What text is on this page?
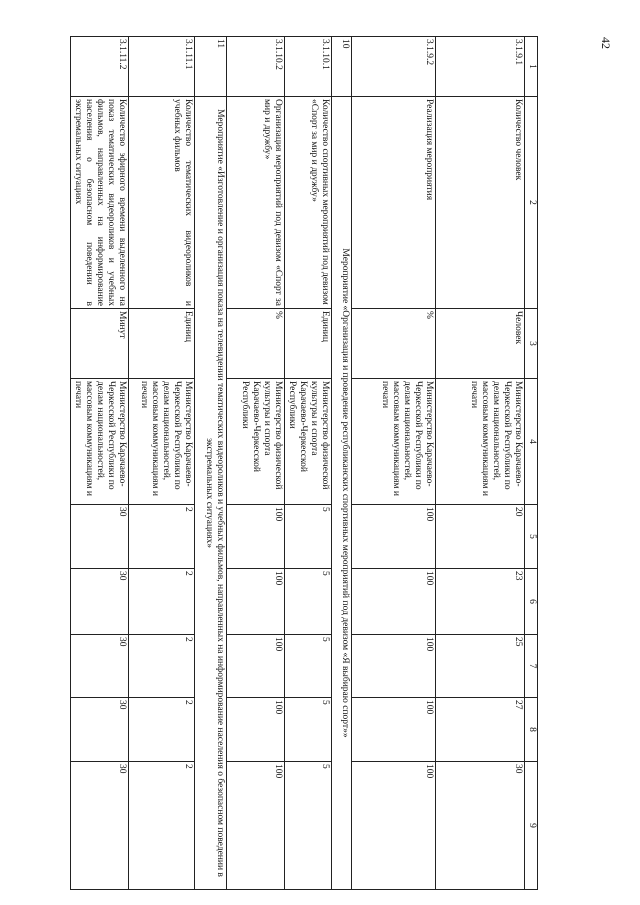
42
1	2	3	4	5	6	7	8	9
3.1.9.1	Количество человек	Человек	Министерство Карачаево-Черкесской Республики по делам национальностей, массовым коммуникациям и печати	20	23	25	27	30
3.1.9.2	Реализация мероприятия	%	Министерство Карачаево-Черкесской Республики по делам национальностей, массовым коммуникациям и печати	100	100	100	100	100
10	Мероприятие «Организация и проведение республиканских спортивных мероприятий под девизом «Я выбираю спорт»»							
3.1.10.1	Количество спортивных мероприятий под девизом «Спорт за мир и дружбу»	Единиц	Министерство физической культуры и спорта Карачаево-Черкесской Республики	5	5	5	5	5
3.1.10.2	Организация мероприятий под девизом «Спорт за мир и дружбу»	%	Министерство физической культуры и спорта Карачаево-Черкесской Республики	100	100	100	100	100
11	Мероприятие «Изготовление и организация показа на телевидении тематических видеороликов и учебных фильмов, направленных на информирование населения о безопасном поведении в экстремальных ситуациях»							
3.1.11.1	Количество тематических видеороликов и учебных фильмов	Единиц	Министерство Карачаево-Черкесской Республики по делам национальностей, массовым коммуникациям и печати	2	2	2	2	2
3.1.11.2	Количество эфирного времени выделенного на показ тематических видеороликов и учебных фильмов, направленных на информирование населения о безопасном поведении в экстремальных ситуациях	Минут	Министерство Карачаево-Черкесской Республики по делам национальностей, массовым коммуникациям и печати	30	30	30	30	30
